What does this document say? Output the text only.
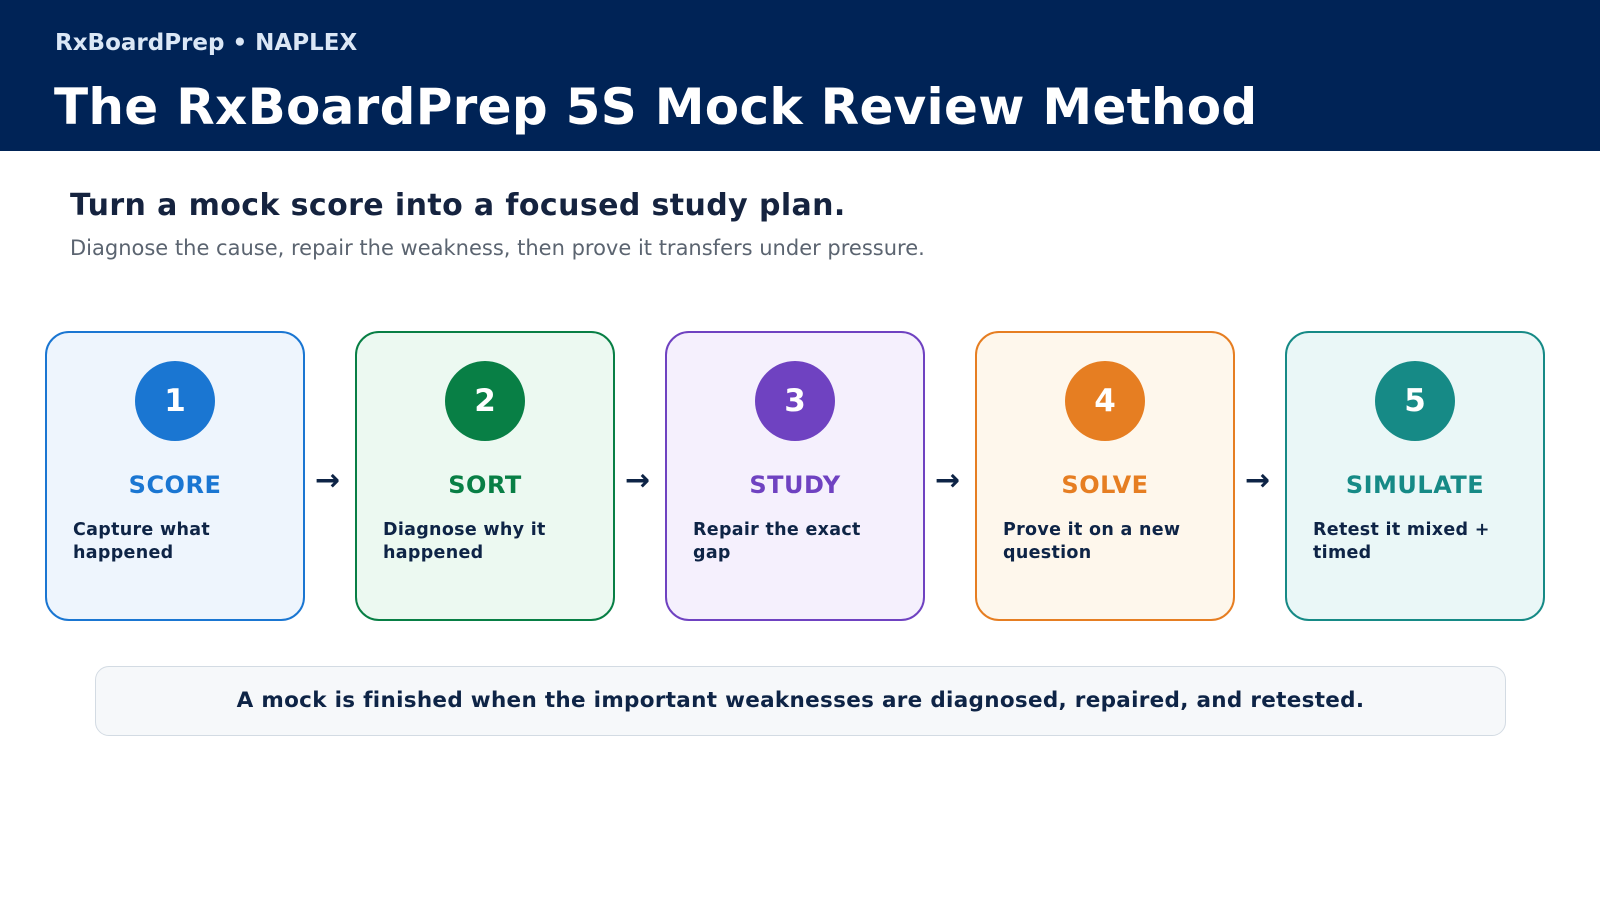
RxBoardPrep • NAPLEX
The RxBoardPrep 5S Mock Review Method
Turn a mock score into a focused study plan.
Diagnose the cause, repair the weakness, then prove it transfers under pressure.
1
SCORE
Capture what happened
→
2
SORT
Diagnose why it happened
→
3
STUDY
Repair the exact gap
→
4
SOLVE
Prove it on a new question
→
5
SIMULATE
Retest it mixed + timed
A mock is finished when the important weaknesses are diagnosed, repaired, and retested.
